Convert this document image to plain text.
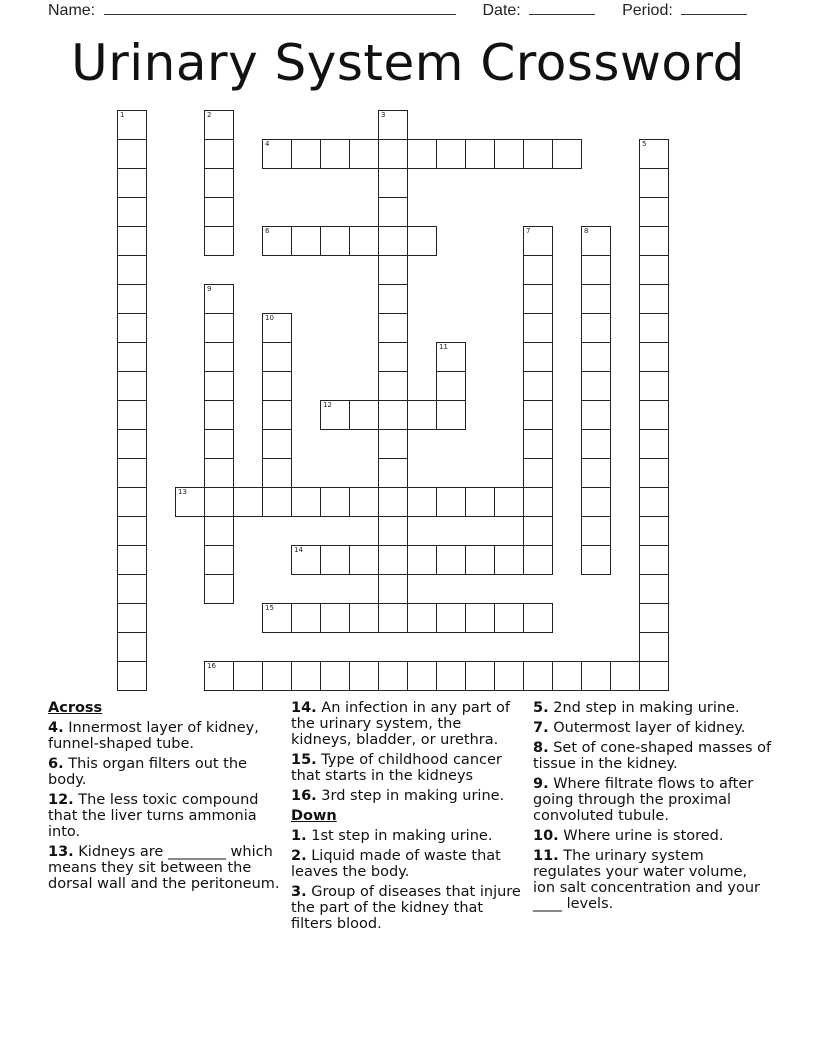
Name:	Date:	Period:
Urinary System Crossword
1	2	3
4	5
6	7	8
9
10
11
12
13
14
15
16
Across
4. Innermost layer of kidney, funnel-shaped tube.
6. This organ filters out the body.
12. The less toxic compound that the liver turns ammonia into.
13. Kidneys are ________ which means they sit between the dorsal wall and the peritoneum.
14. An infection in any part of the urinary system, the kidneys, bladder, or urethra.
15. Type of childhood cancer that starts in the kidneys
16. 3rd step in making urine.
Down
1. 1st step in making urine.
2. Liquid made of waste that leaves the body.
3. Group of diseases that injure the part of the kidney that filters blood.
5. 2nd step in making urine.
7. Outermost layer of kidney.
8. Set of cone-shaped masses of tissue in the kidney.
9. Where filtrate flows to after going through the proximal convoluted tubule.
10. Where urine is stored.
11. The urinary system regulates your water volume, ion salt concentration and your ____ levels.
